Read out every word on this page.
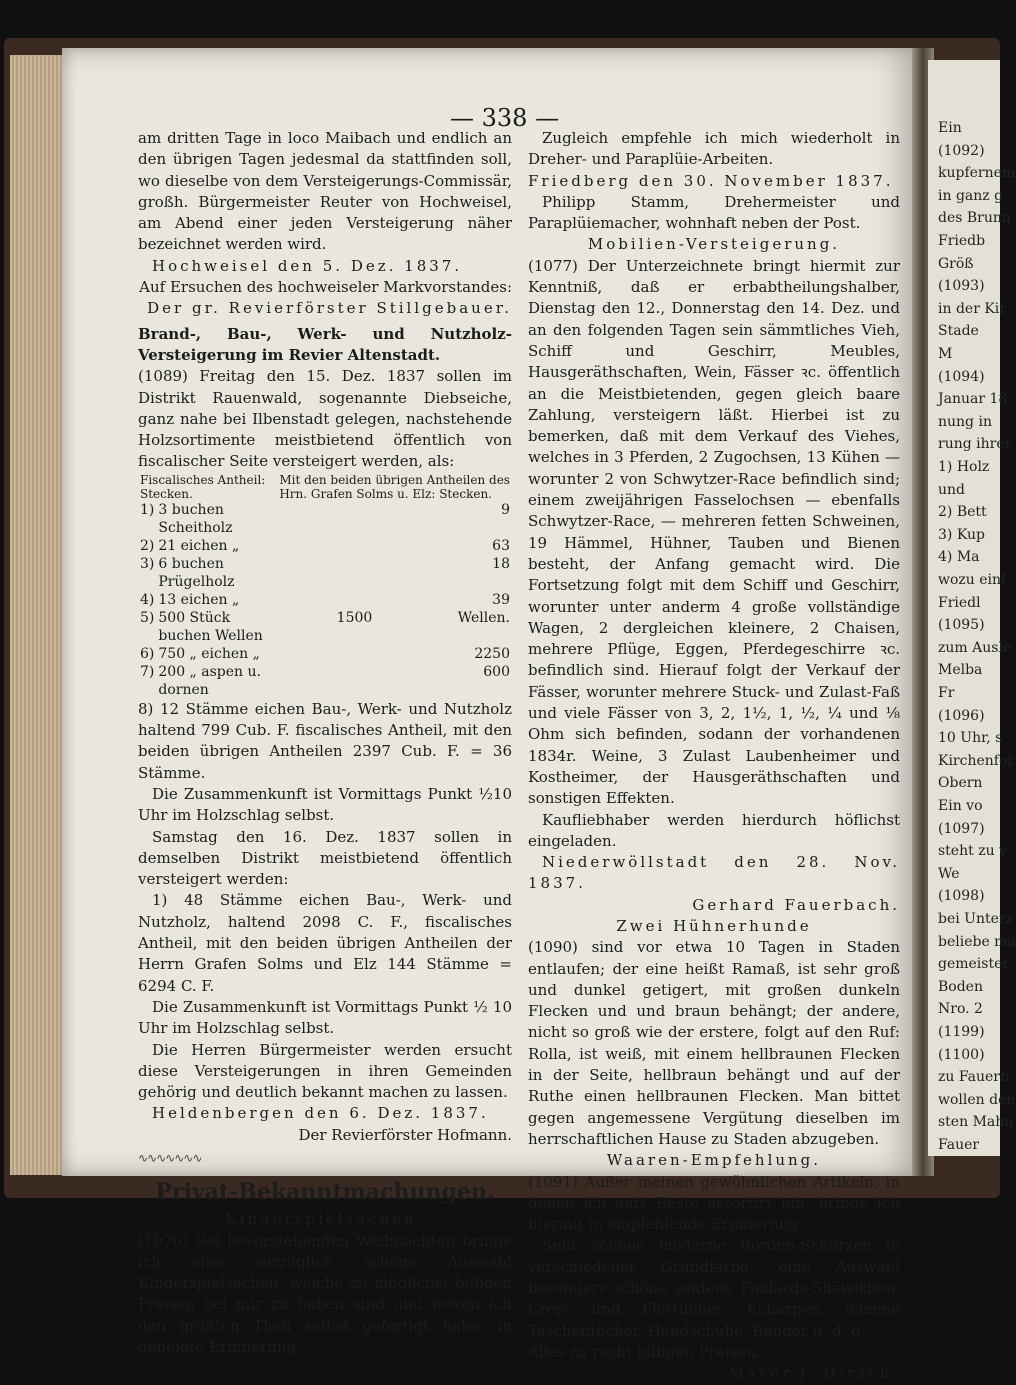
Ein
(1092)
kupfernem
in ganz g
des Brunn
Friedb
Größ
(1093)
in der Kir
Stade
M
(1094)
Januar 18
nung in
rung ihrer
1) Holz
und
2) Bett
3) Kup
4) Ma
wozu einl
Friedl
(1095)
zum Ausle
Melba
Fr
(1096)
10 Uhr, s
Kirchenfor
Obern
Ein vo
(1097)
steht zu v
We
(1098)
bei Unterz
beliebe ma
gemeister
Boden
Nro. 2
(1199)
(1100)
zu Fauerb
wollen den
sten Mahn
Fauer
— 338 —

am dritten Tage in loco Maibach und endlich an den übrigen Tagen jedesmal da stattfinden soll, wo dieselbe von dem Versteigerungs-Commissär, großh. Bürgermeister Reuter von Hochweisel, am Abend einer jeden Versteigerung näher bezeichnet werden wird.

Hochweisel den 5. Dez. 1837.

Auf Ersuchen des hochweiseler Markvorstandes:

Der gr. Revierförster Stillgebauer.

Brand-, Bau-, Werk- und Nutzholz-Versteigerung im Revier Altenstadt.

(1089) Freitag den 15. Dez. 1837 sollen im Distrikt Rauenwald, sogenannte Diebseiche, ganz nahe bei Ilbenstadt gelegen, nachstehende Holzsortimente meistbietend öffentlich von fiscalischer Seite versteigert werden, als:

Fiscalisches Antheil: Stecken.		Mit den beiden übrigen Antheilen des Hrn. Grafen Solms u. Elz: Stecken.	
1)	3 buchen Scheitholz		9
2)	21 eichen „		63
3)	6 buchen Prügelholz		18
4)	13 eichen „		39
5)	500 Stück buchen Wellen	1500	Wellen.
6)	750 „ eichen „		2250
7)	200 „ aspen u. dornen		600

8) 12 Stämme eichen Bau-, Werk- und Nutzholz haltend 799 Cub. F. fiscalisches Antheil, mit den beiden übrigen Antheilen 2397 Cub. F. = 36 Stämme.

Die Zusammenkunft ist Vormittags Punkt ½10 Uhr im Holzschlag selbst.

Samstag den 16. Dez. 1837 sollen in demselben Distrikt meistbietend öffentlich versteigert werden:

1) 48 Stämme eichen Bau-, Werk- und Nutzholz, haltend 2098 C. F., fiscalisches Antheil, mit den beiden übrigen Antheilen der Herrn Grafen Solms und Elz 144 Stämme = 6294 C. F.

Die Zusammenkunft ist Vormittags Punkt ½ 10 Uhr im Holzschlag selbst.

Die Herren Bürgermeister werden ersucht diese Versteigerungen in ihren Gemeinden gehörig und deutlich bekannt machen zu lassen.

Heldenbergen den 6. Dez. 1837.

Der Revierförster Hofmann.

∿∿∿∿∿∿∿

Privat-Bekanntmachungen.

Kinderspielsachen.

(1076) Bei bevorstehenden Weihnachten bringe ich eine vorzüglich schöne Auswahl Kinderspielsachen, welche zu möglichst billigen Preisen bei mir zu haben sind und wovon ich den größten Theil selbst gefertigt habe, in geneigte Erinnerung.

Zugleich empfehle ich mich wiederholt in Dreher- und Paraplüie-Arbeiten.

Friedberg den 30. November 1837.

Philipp Stamm, Drehermeister und Paraplüiemacher, wohnhaft neben der Post.

Mobilien-Versteigerung.

(1077) Der Unterzeichnete bringt hiermit zur Kenntniß, daß er erbabtheilungshalber, Dienstag den 12., Donnerstag den 14. Dez. und an den folgenden Tagen sein sämmtliches Vieh, Schiff und Geschirr, Meubles, Hausgeräthschaften, Wein, Fässer ꝛc. öffentlich an die Meistbietenden, gegen gleich baare Zahlung, versteigern läßt. Hierbei ist zu bemerken, daß mit dem Verkauf des Viehes, welches in 3 Pferden, 2 Zugochsen, 13 Kühen — worunter 2 von Schwytzer-Race befindlich sind; einem zweijährigen Fasselochsen — ebenfalls Schwytzer-Race, — mehreren fetten Schweinen, 19 Hämmel, Hühner, Tauben und Bienen besteht, der Anfang gemacht wird. Die Fortsetzung folgt mit dem Schiff und Geschirr, worunter unter anderm 4 große vollständige Wagen, 2 dergleichen kleinere, 2 Chaisen, mehrere Pflüge, Eggen, Pferdegeschirre ꝛc. befindlich sind. Hierauf folgt der Verkauf der Fässer, worunter mehrere Stuck- und Zulast-Faß und viele Fässer von 3, 2, 1½, 1, ½, ¼ und ⅛ Ohm sich befinden, sodann der vorhandenen 1834r. Weine, 3 Zulast Laubenheimer und Kostheimer, der Hausgeräthschaften und sonstigen Effekten.

Kaufliebhaber werden hierdurch höflichst eingeladen.

Niederwöllstadt den 28. Nov. 1837.

Gerhard Fauerbach.

Zwei Hühnerhunde

(1090) sind vor etwa 10 Tagen in Staden entlaufen; der eine heißt Ramaß, ist sehr groß und dunkel getigert, mit großen dunkeln Flecken und und braun behängt; der andere, nicht so groß wie der erstere, folgt auf den Ruf: Rolla, ist weiß, mit einem hellbraunen Flecken in der Seite, hellbraun behängt und auf der Ruthe einen hellbraunen Flecken. Man bittet gegen angemessene Vergütung dieselben im herrschaftlichen Hause zu Staden abzugeben.

Waaren-Empfehlung.

(1091) Außer meinen gewöhnlichen Artikeln, in denen ich aufs Beste assortirt bin, bringe ich hiermit in empfehlende Erinnerung:

Sehr schöne moderne Borden-Schürzen in verschiedener Grundfarbe, eine Auswahl besonders schöne seidene Foulards-Shäwlchen, Crep- und Flortücher, Echarpes, leinene Taschentücher, Handschuhe, Bänder u. d. g.

Alles zu recht billigen Preisen.

Mayer J. Hirsch.
